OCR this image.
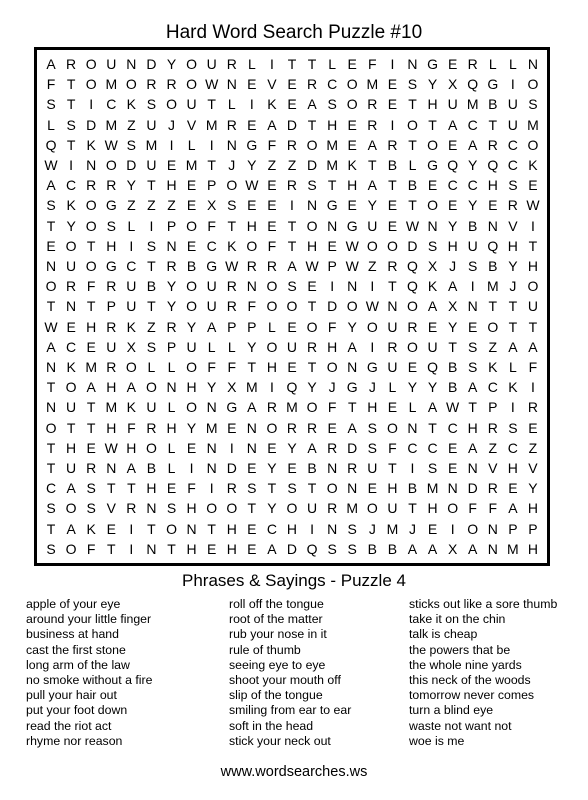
Hard Word Search Puzzle #10
A R O U N D Y O U R L	I T T L E F I N G E R L L N
F T O M O R R O W N E V E R C O M E S Y X Q G I O
S T I C K S O U T L	I K E A S O R E T H U M B U S
L S D M Z U J V M R E A D T H E R I O T A C T U M
Q T K W S M I	L	I N G F R O M E A R T O E A R C O
W I N O D U E M T J Y Z Z D M K T B L G Q Y Q C K
A C R R Y T H E P O W E R S T H A T B E C C H S E
S K O G Z Z Z E X S E E I N G E Y E T O E Y E R W
T Y O S L	I P O F T H E T O N G U E W N Y B N V I
E O T H I S N E C K O F T H E W O O D S H U Q H T
N U O G C T R B G W R R A W P W Z R Q X J S B Y H
O R F R U B Y O U R N O S E I N I T Q K A I M J O
T N T P U T Y O U R F O O T D O W N O A X N T T U
W E H R K Z R Y A P P L E O F Y O U R E Y E O T T
A C E U X S P U L L Y O U R H A I R O U T S Z A A
N K M R O L L O F F T H E T O N G U E Q B S K L F
T O A H A O N H Y X M I Q Y J G J L Y Y B A C K I
N U T M K U L O N G A R M O F T H E L A W T P I R
O T T H F R H Y M E N O R R E A S O N T C H R S E
T H E W H O L E N I N E Y A R D S F C C E A Z C Z
T U R N A B L	I N D E Y E B N R U T I S E N V H V
C A S T T H E F I R S T S T O N E H B M N D R E Y
S O S V R N S H O O T Y O U R M O U T H O F F A H
T A K E I T O N T H E C H I N S J M J E I O N P P
S O F T I N T H E H E A D Q S S B B A A X A N M H
Phrases & Sayings - Puzzle 4
apple of your eye
around your little finger
business at hand
cast the first stone
long arm of the law
no smoke without a fire
pull your hair out
put your foot down
read the riot act
rhyme nor reason
roll off the tongue
root of the matter
rub your nose in it
rule of thumb
seeing eye to eye
shoot your mouth off
slip of the tongue
smiling from ear to ear
soft in the head
stick your neck out
sticks out like a sore thumb
take it on the chin
talk is cheap
the powers that be
the whole nine yards
this neck of the woods
tomorrow never comes
turn a blind eye
waste not want not
woe is me
www.wordsearches.ws
